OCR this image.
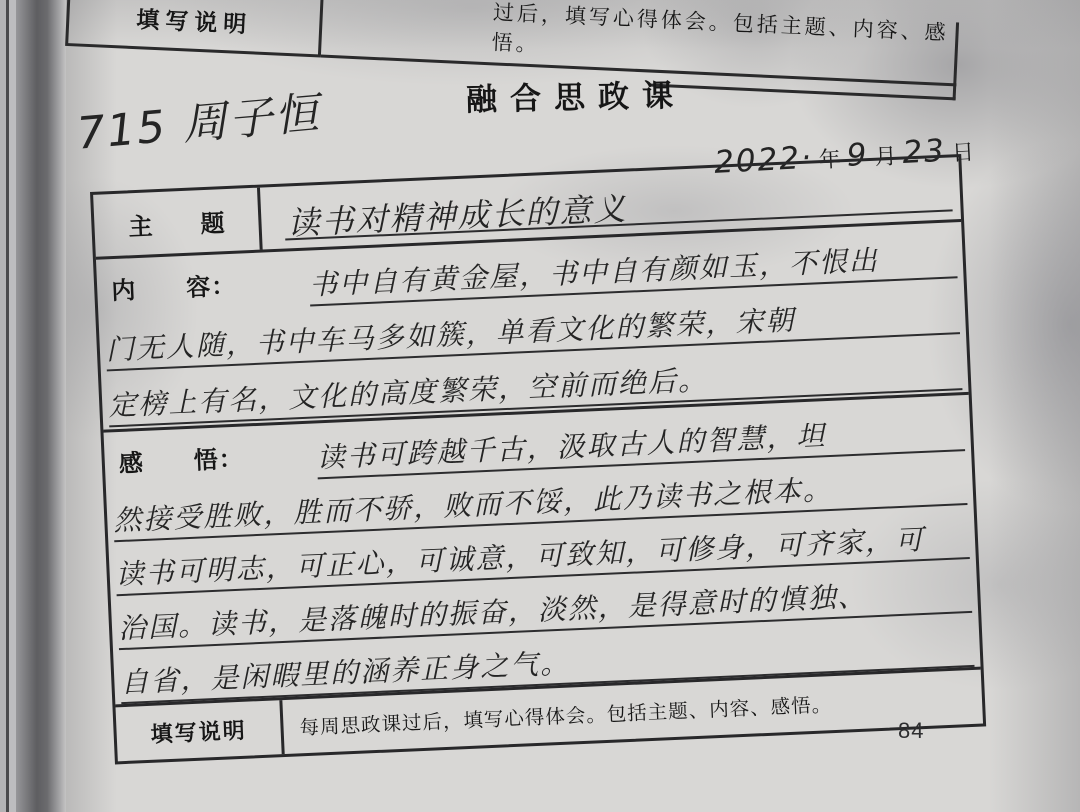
填写说明	过后，填写心得体会。包括主题、内容、感悟。
融合思政课
715 周子恒
2022· 年 9 月 23 日
主　　题	读书对精神成长的意义
内　　容：	书中自有黄金屋，书中自有颜如玉，不恨出
门无人随，书中车马多如簇，单看文化的繁荣，宋朝
定榜上有名，文化的高度繁荣，空前而绝后。
感　　悟：	读书可跨越千古，汲取古人的智慧，坦
然接受胜败，胜而不骄，败而不馁，此乃读书之根本。
读书可明志，可正心，可诚意，可致知，可修身，可齐家，可
治国。读书，是落魄时的振奋，淡然，是得意时的慎独、
自省，是闲暇里的涵养正身之气。
填写说明	每周思政课过后，填写心得体会。包括主题、内容、感悟。	84
